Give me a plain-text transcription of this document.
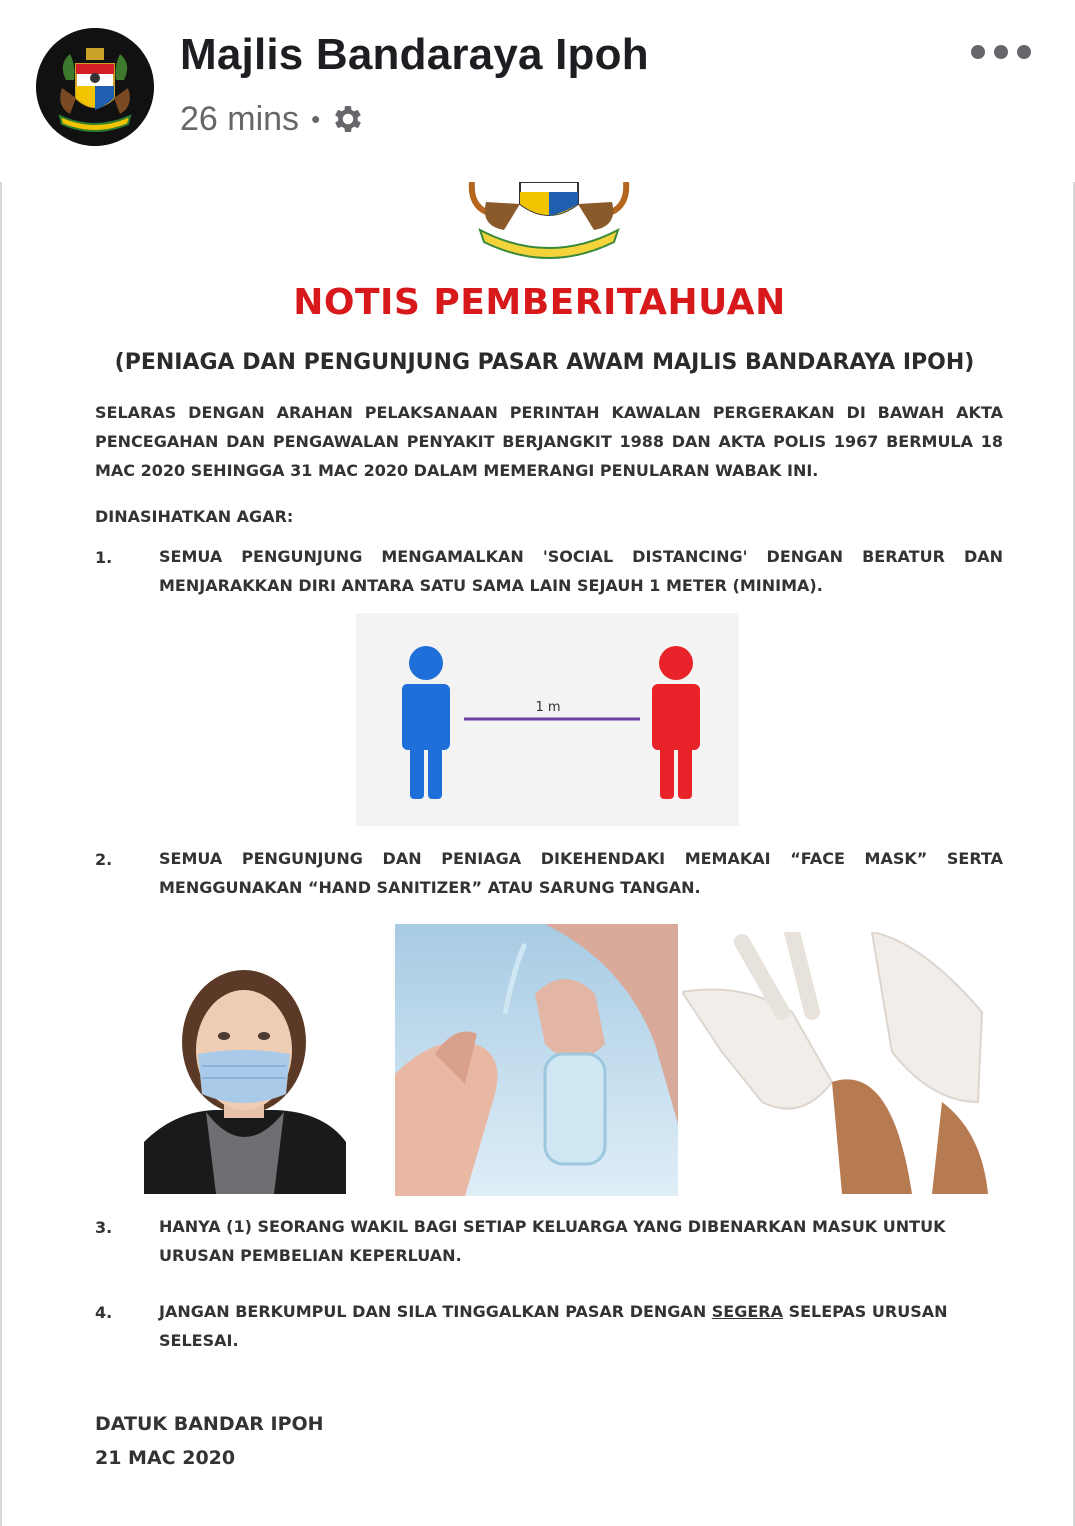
Majlis Bandaraya Ipoh
26 mins •
NOTIS PEMBERITAHUAN
(PENIAGA DAN PENGUNJUNG PASAR AWAM MAJLIS BANDARAYA IPOH)
SELARAS DENGAN ARAHAN PELAKSANAAN PERINTAH KAWALAN PERGERAKAN DI BAWAH AKTA
PENCEGAHAN DAN PENGAWALAN PENYAKIT BERJANGKIT 1988 DAN AKTA POLIS 1967 BERMULA 18
MAC 2020 SEHINGGA 31 MAC 2020 DALAM MEMERANGI PENULARAN WABAK INI.
DINASIHATKAN AGAR:
1.	SEMUA PENGUNJUNG MENGAMALKAN 'SOCIAL DISTANCING' DENGAN BERATUR DAN
MENJARAKKAN DIRI ANTARA SATU SAMA LAIN SEJAUH 1 METER (MINIMA).
1 m
2.	SEMUA PENGUNJUNG DAN PENIAGA DIKEHENDAKI MEMAKAI “FACE MASK” SERTA
MENGGUNAKAN “HAND SANITIZER” ATAU SARUNG TANGAN.
3.	HANYA (1) SEORANG WAKIL BAGI SETIAP KELUARGA YANG DIBENARKAN MASUK UNTUK
URUSAN PEMBELIAN KEPERLUAN.
4.	JANGAN BERKUMPUL DAN SILA TINGGALKAN PASAR DENGAN SEGERA SELEPAS URUSAN
SELESAI.
DATUK BANDAR IPOH
21 MAC 2020
